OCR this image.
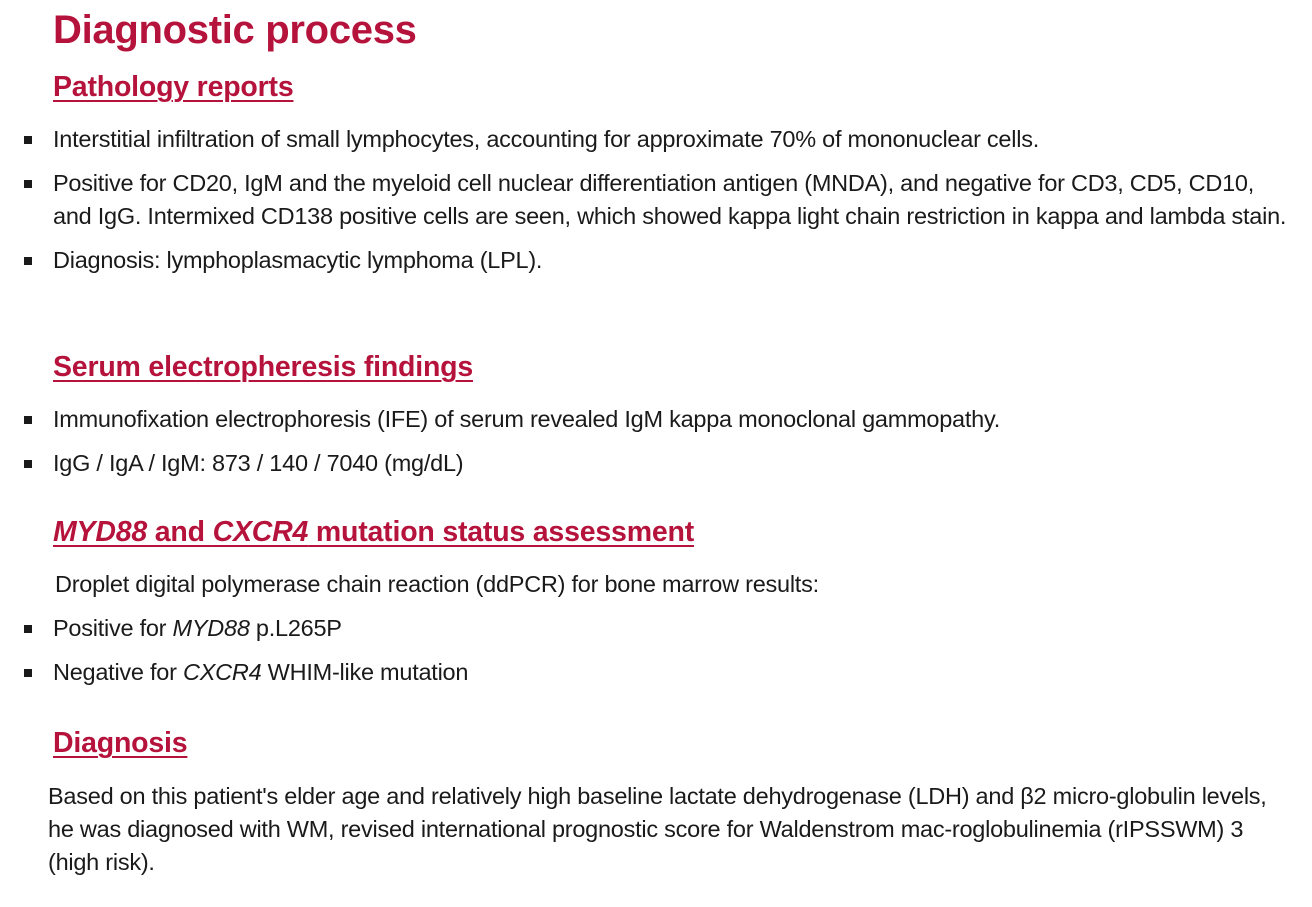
Diagnostic process
Pathology reports
Interstitial infiltration of small lymphocytes, accounting for approximate 70% of mononuclear cells.
Positive for CD20, IgM and the myeloid cell nuclear differentiation antigen (MNDA), and negative for CD3, CD5, CD10, and IgG. Intermixed CD138 positive cells are seen, which showed kappa light chain restriction in kappa and lambda stain.
Diagnosis: lymphoplasmacytic lymphoma (LPL).
Serum electropheresis findings
Immunofixation electrophoresis (IFE) of serum revealed IgM kappa monoclonal gammopathy.
IgG / IgA / IgM: 873 / 140 / 7040 (mg/dL)
MYD88 and CXCR4 mutation status assessment

Droplet digital polymerase chain reaction (ddPCR) for bone marrow results:

Positive for MYD88 p.L265P
Negative for CXCR4 WHIM-like mutation
Diagnosis

Based on this patient's elder age and relatively high baseline lactate dehydrogenase (LDH) and β2 micro-globulin levels, he was diagnosed with WM, revised international prognostic score for Waldenstrom mac-roglobulinemia (rIPSSWM) 3 (high risk).
